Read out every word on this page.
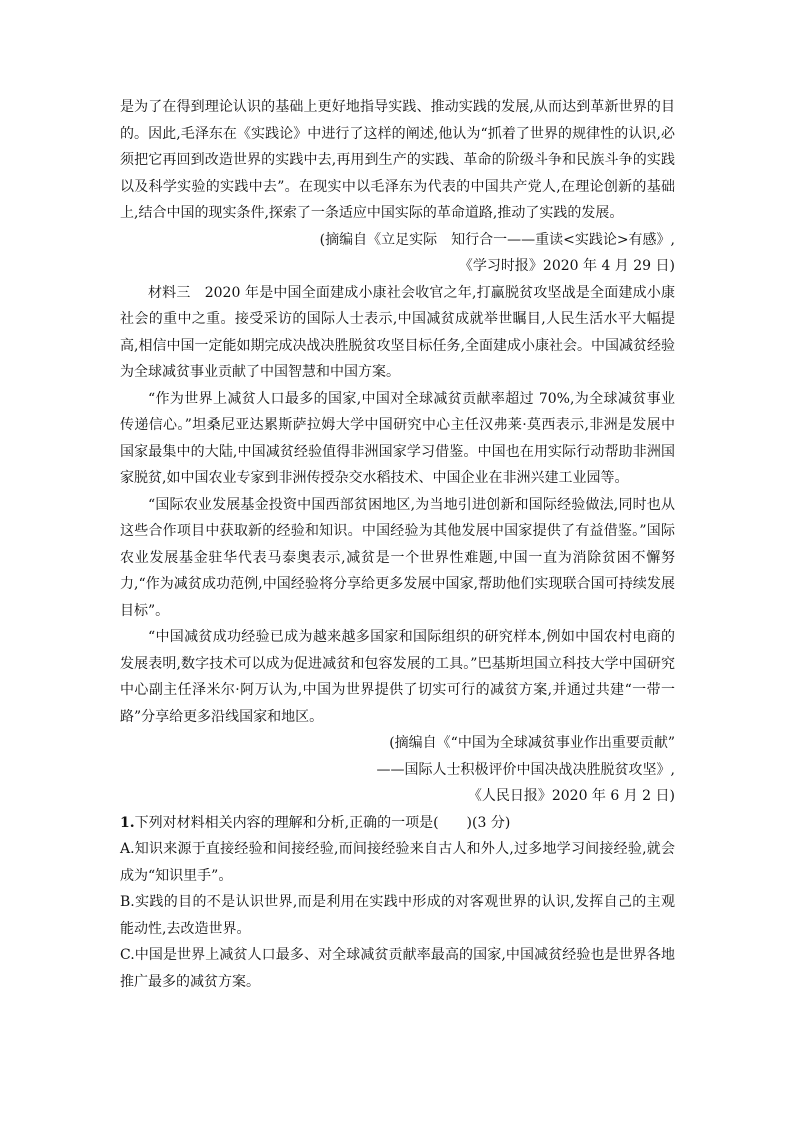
是为了在得到理论认识的基础上更好地指导实践、推动实践的发展,从而达到革新世界的目的。因此,毛泽东在《实践论》中进行了这样的阐述,他认为“抓着了世界的规律性的认识,必须把它再回到改造世界的实践中去,再用到生产的实践、革命的阶级斗争和民族斗争的实践以及科学实验的实践中去”。在现实中以毛泽东为代表的中国共产党人,在理论创新的基础上,结合中国的现实条件,探索了一条适应中国实际的革命道路,推动了实践的发展。

(摘编自《立足实际　知行合一——重读<实践论>有感》,

《学习时报》2020 年 4 月 29 日)

材料三　2020 年是中国全面建成小康社会收官之年,打赢脱贫攻坚战是全面建成小康社会的重中之重。接受采访的国际人士表示,中国减贫成就举世瞩目,人民生活水平大幅提高,相信中国一定能如期完成决战决胜脱贫攻坚目标任务,全面建成小康社会。中国减贫经验为全球减贫事业贡献了中国智慧和中国方案。

“作为世界上减贫人口最多的国家,中国对全球减贫贡献率超过 70%,为全球减贫事业传递信心。”坦桑尼亚达累斯萨拉姆大学中国研究中心主任汉弗莱·莫西表示,非洲是发展中国家最集中的大陆,中国减贫经验值得非洲国家学习借鉴。中国也在用实际行动帮助非洲国家脱贫,如中国农业专家到非洲传授杂交水稻技术、中国企业在非洲兴建工业园等。

“国际农业发展基金投资中国西部贫困地区,为当地引进创新和国际经验做法,同时也从这些合作项目中获取新的经验和知识。中国经验为其他发展中国家提供了有益借鉴。”国际农业发展基金驻华代表马泰奥表示,减贫是一个世界性难题,中国一直为消除贫困不懈努力,“作为减贫成功范例,中国经验将分享给更多发展中国家,帮助他们实现联合国可持续发展目标”。

“中国减贫成功经验已成为越来越多国家和国际组织的研究样本,例如中国农村电商的发展表明,数字技术可以成为促进减贫和包容发展的工具。”巴基斯坦国立科技大学中国研究中心副主任泽米尔·阿万认为,中国为世界提供了切实可行的减贫方案,并通过共建“一带一路”分享给更多沿线国家和地区。

(摘编自《“中国为全球减贫事业作出重要贡献”

——国际人士积极评价中国决战决胜脱贫攻坚》,

《人民日报》2020 年 6 月 2 日)

1.下列对材料相关内容的理解和分析,正确的一项是(　　)(3 分)

A.知识来源于直接经验和间接经验,而间接经验来自古人和外人,过多地学习间接经验,就会成为“知识里手”。

B.实践的目的不是认识世界,而是利用在实践中形成的对客观世界的认识,发挥自己的主观能动性,去改造世界。

C.中国是世界上减贫人口最多、对全球减贫贡献率最高的国家,中国减贫经验也是世界各地推广最多的减贫方案。
